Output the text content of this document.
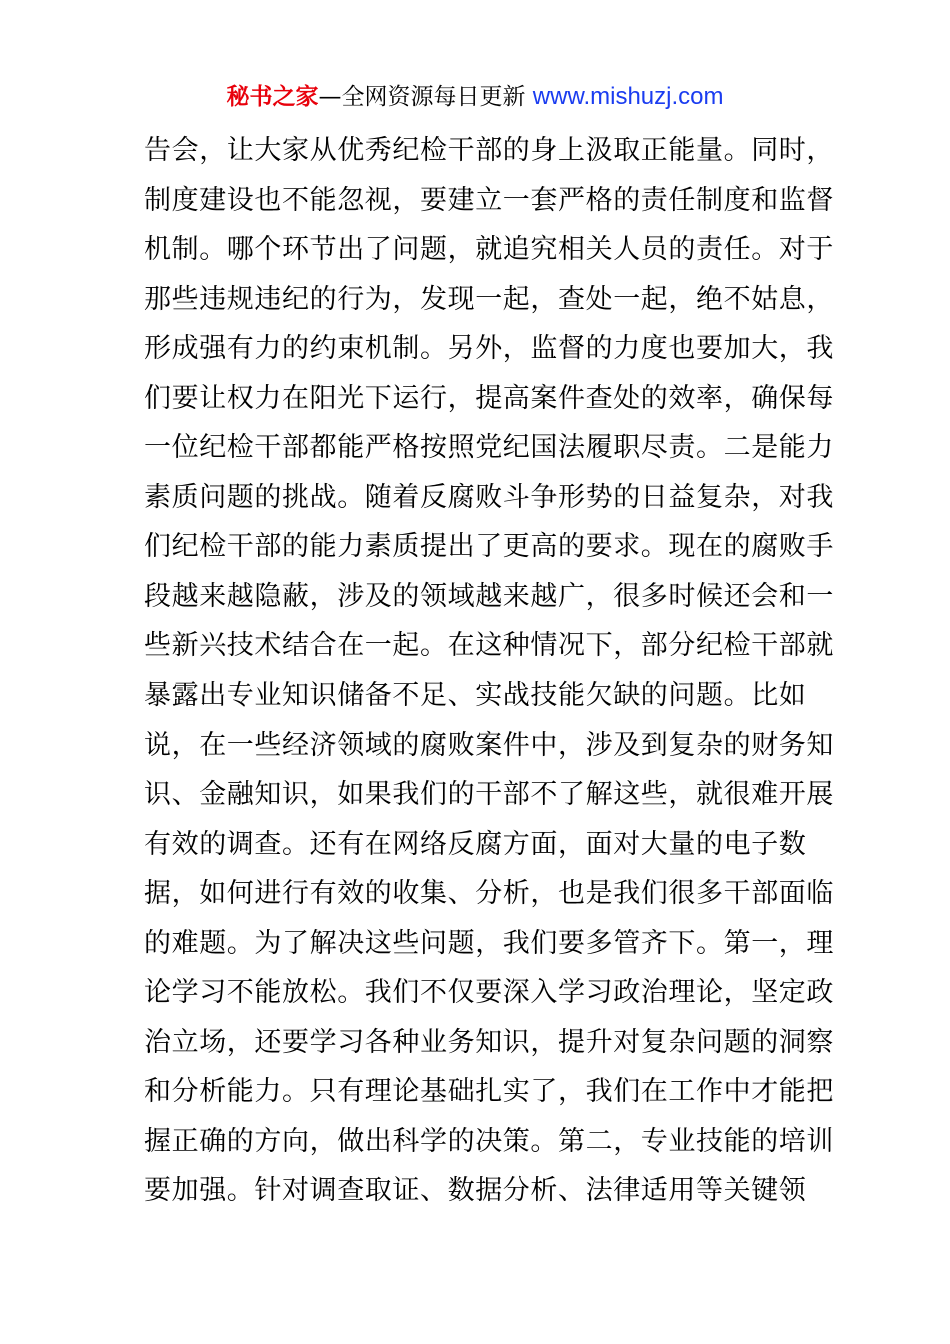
秘书之家—全网资源每日更新 www.mishuzj.com
告会，让大家从优秀纪检干部的身上汲取正能量。同时，
制度建设也不能忽视，要建立一套严格的责任制度和监督
机制。哪个环节出了问题，就追究相关人员的责任。对于
那些违规违纪的行为，发现一起，查处一起，绝不姑息，
形成强有力的约束机制。另外，监督的力度也要加大，我
们要让权力在阳光下运行，提高案件查处的效率，确保每
一位纪检干部都能严格按照党纪国法履职尽责。二是能力
素质问题的挑战。随着反腐败斗争形势的日益复杂，对我
们纪检干部的能力素质提出了更高的要求。现在的腐败手
段越来越隐蔽，涉及的领域越来越广，很多时候还会和一
些新兴技术结合在一起。在这种情况下，部分纪检干部就
暴露出专业知识储备不足、实战技能欠缺的问题。比如
说，在一些经济领域的腐败案件中，涉及到复杂的财务知
识、金融知识，如果我们的干部不了解这些，就很难开展
有效的调查。还有在网络反腐方面，面对大量的电子数
据，如何进行有效的收集、分析，也是我们很多干部面临
的难题。为了解决这些问题，我们要多管齐下。第一，理
论学习不能放松。我们不仅要深入学习政治理论，坚定政
治立场，还要学习各种业务知识，提升对复杂问题的洞察
和分析能力。只有理论基础扎实了，我们在工作中才能把
握正确的方向，做出科学的决策。第二，专业技能的培训
要加强。针对调查取证、数据分析、法律适用等关键领
